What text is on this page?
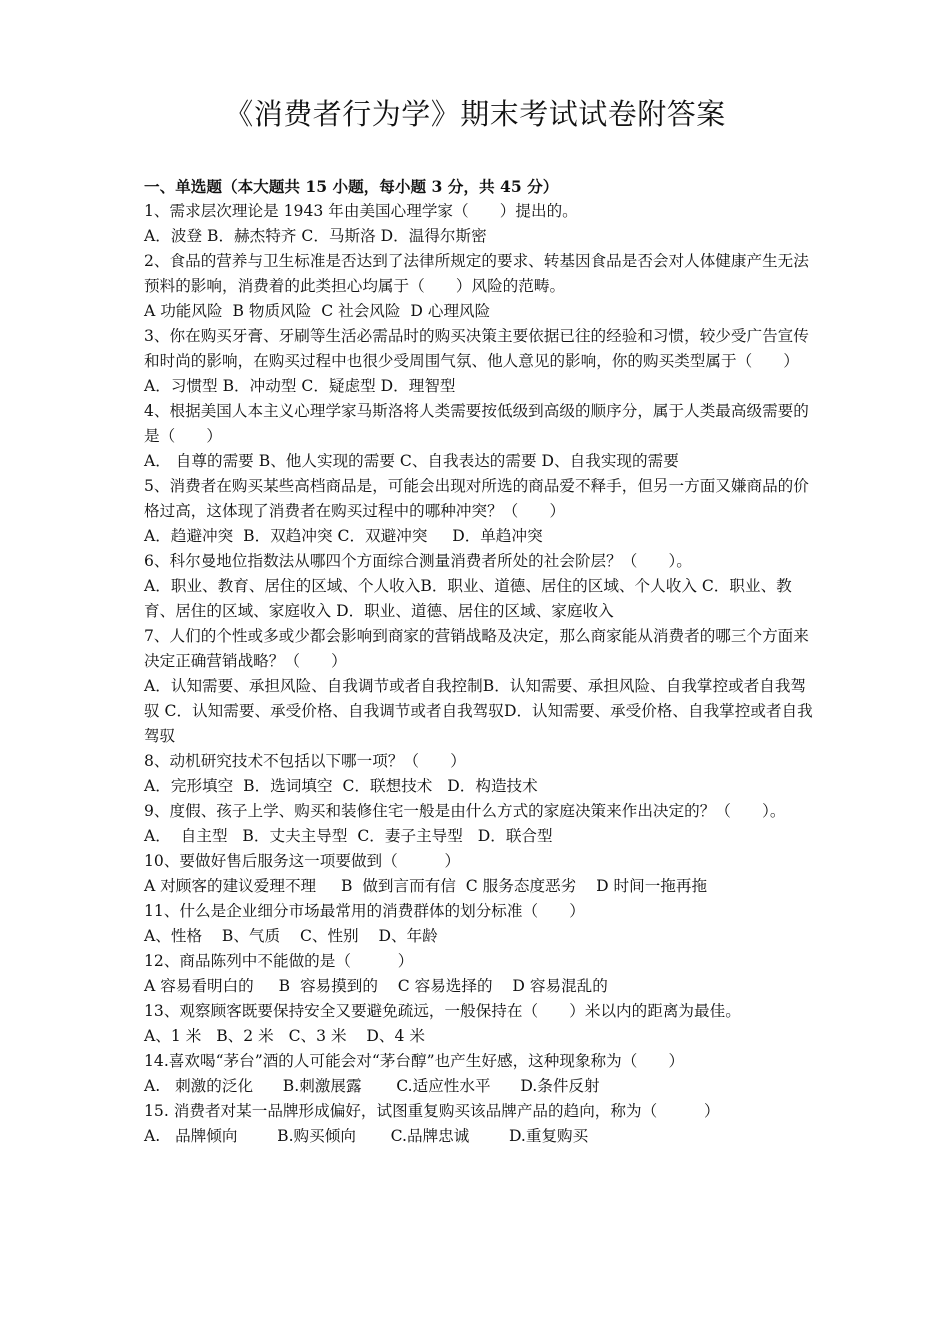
《消费者行为学》期末考试试卷附答案
一、单选题（本大题共 15 小题，每小题 3 分，共 45 分）
1、需求层次理论是 1943 年由美国心理学家（　　）提出的。
A．波登 B．赫杰特齐 C．马斯洛 D．温得尔斯密
2、食品的营养与卫生标准是否达到了法律所规定的要求、转基因食品是否会对人体健康产生无法预料的影响，消费着的此类担心均属于（　　）风险的范畴。
A 功能风险  B 物质风险  C 社会风险  D 心理风险
3、你在购买牙膏、牙刷等生活必需品时的购买决策主要依据已往的经验和习惯，较少受广告宣传和时尚的影响，在购买过程中也很少受周围气氛、他人意见的影响，你的购买类型属于（　　）
A．习惯型 B．冲动型 C．疑虑型 D．理智型
4、根据美国人本主义心理学家马斯洛将人类需要按低级到高级的顺序分，属于人类最高级需要的是（　　）
A． 自尊的需要 B、他人实现的需要 C、自我表达的需要 D、自我实现的需要
5、消费者在购买某些高档商品是，可能会出现对所选的商品爱不释手，但另一方面又嫌商品的价格过高，这体现了消费者在购买过程中的哪种冲突？（　　）
A．趋避冲突  B．双趋冲突 C．双避冲突     D．单趋冲突
6、科尔曼地位指数法从哪四个方面综合测量消费者所处的社会阶层？（　　）。
A．职业、教育、居住的区域、个人收入B．职业、道德、居住的区域、个人收入 C．职业、教育、居住的区域、家庭收入 D．职业、道德、居住的区域、家庭收入
7、人们的个性或多或少都会影响到商家的营销战略及决定，那么商家能从消费者的哪三个方面来决定正确营销战略？（　　）
A．认知需要、承担风险、自我调节或者自我控制B．认知需要、承担风险、自我掌控或者自我驾驭 C．认知需要、承受价格、自我调节或者自我驾驭D．认知需要、承受价格、自我掌控或者自我驾驭
8、动机研究技术不包括以下哪一项？（　　）
A．完形填空  B．选词填空  C．联想技术   D．构造技术
9、度假、孩子上学、购买和装修住宅一般是由什么方式的家庭决策来作出决定的？（　　）。
A．  自主型   B．丈夫主导型  C．妻子主导型   D．联合型
10、要做好售后服务这一项要做到（　　　）
A 对顾客的建议爱理不理     B  做到言而有信  C 服务态度恶劣    D 时间一拖再拖
11、什么是企业细分市场最常用的消费群体的划分标准（　　）
A、性格    B、气质    C、性别    D、年龄
12、商品陈列中不能做的是（　　　）
A 容易看明白的     B  容易摸到的    C 容易选择的    D 容易混乱的
13、观察顾客既要保持安全又要避免疏远，一般保持在（　　）米以内的距离为最佳。
A、1 米   B、2 米   C、3 米    D、4 米
14.喜欢喝“茅台”酒的人可能会对“茅台醇”也产生好感，这种现象称为（　　）
A.   刺激的泛化      B.刺激展露       C.适应性水平      D.条件反射
15. 消费者对某一品牌形成偏好，试图重复购买该品牌产品的趋向，称为（　　　）
A.   品牌倾向        B.购买倾向       C.品牌忠诚        D.重复购买
